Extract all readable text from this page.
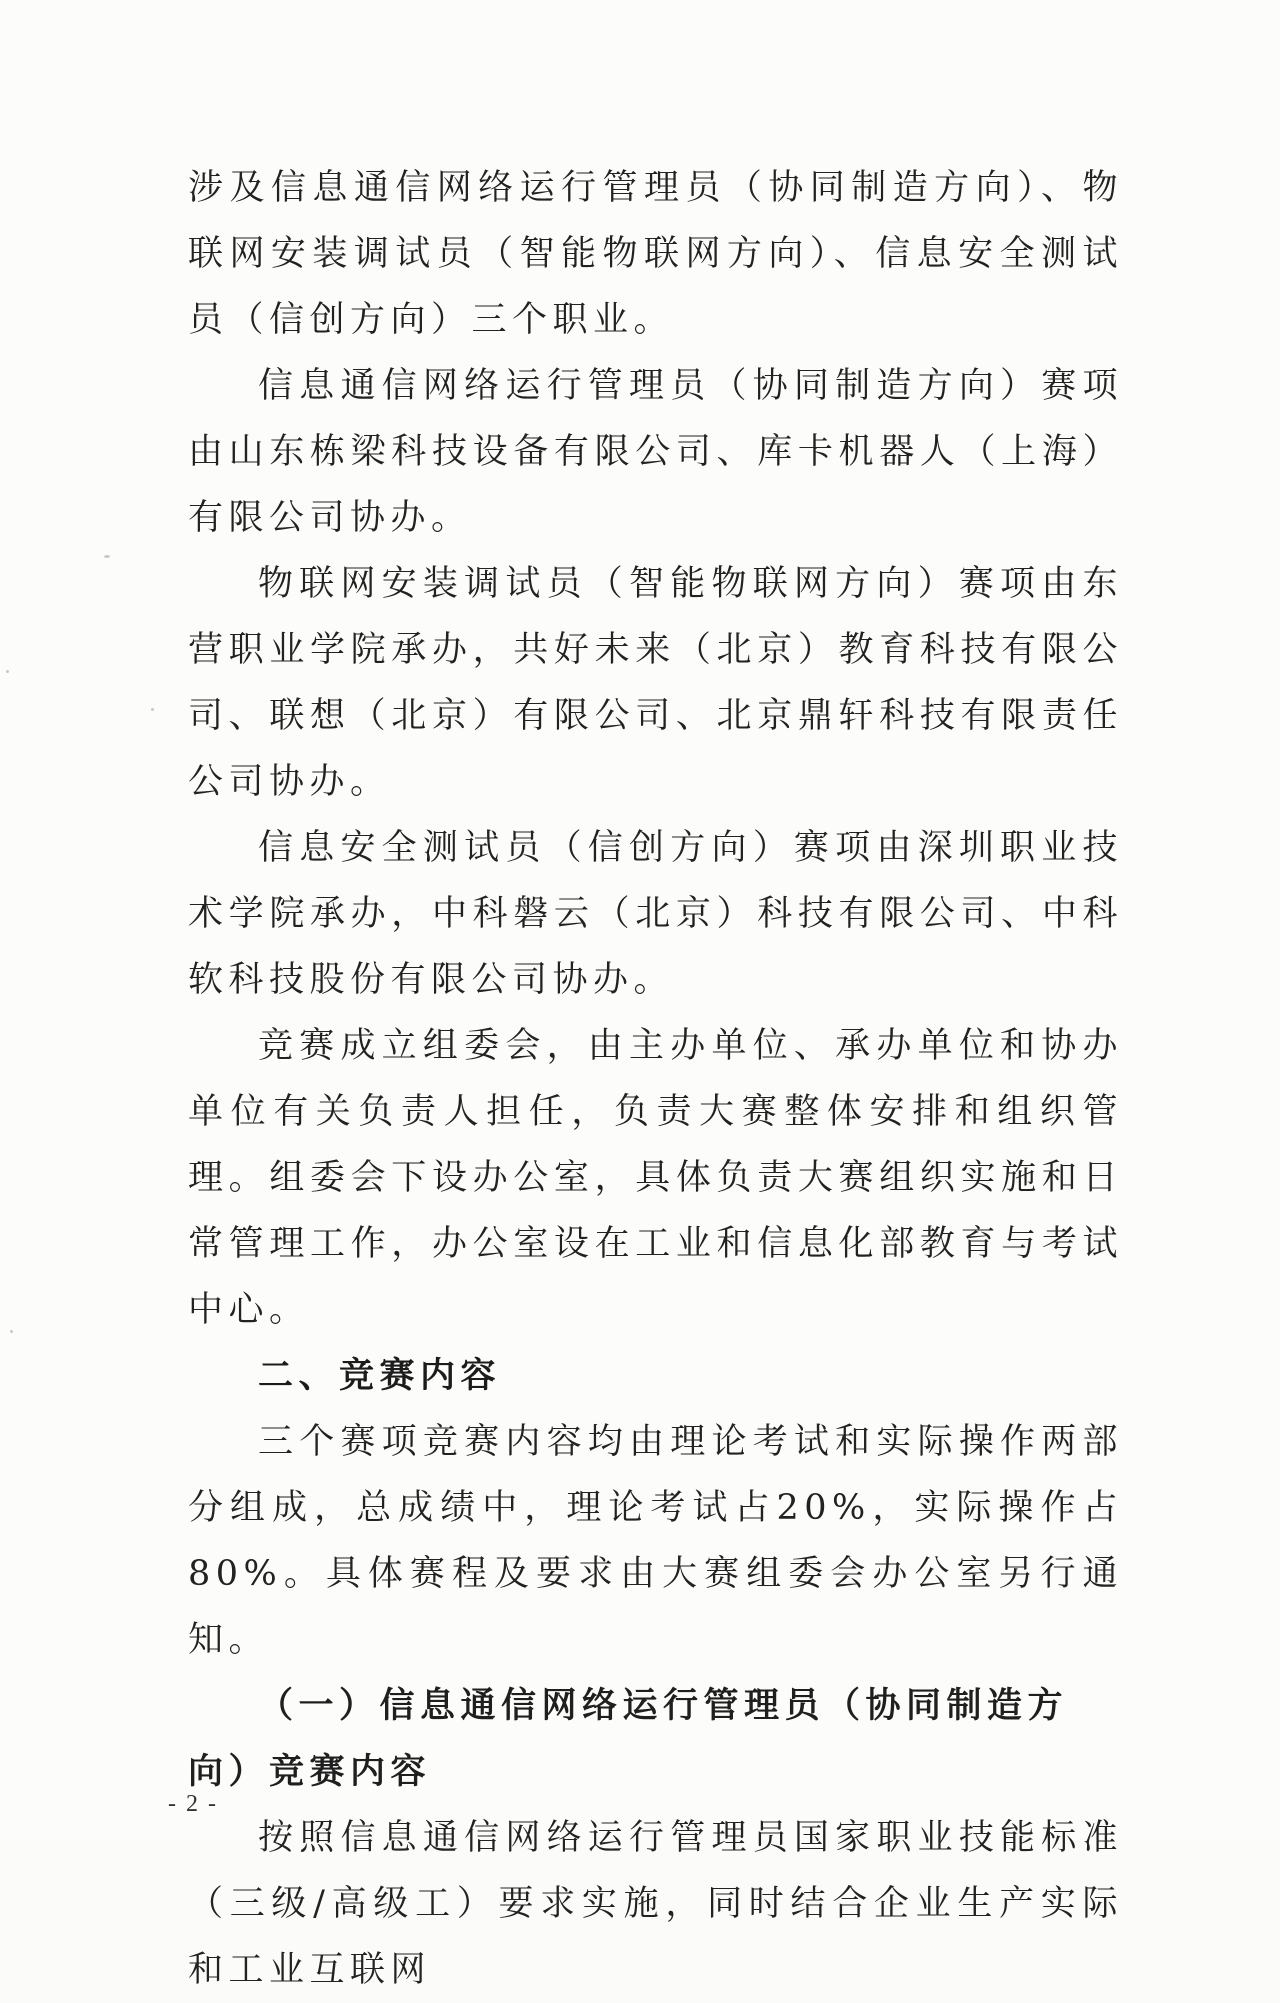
涉及信息通信网络运行管理员（协同制造方向）、物联网安装调试员（智能物联网方向）、信息安全测试员（信创方向）三个职业。

信息通信网络运行管理员（协同制造方向）赛项由山东栋梁科技设备有限公司、库卡机器人（上海）有限公司协办。

物联网安装调试员（智能物联网方向）赛项由东营职业学院承办，共好未来（北京）教育科技有限公司、联想（北京）有限公司、北京鼎轩科技有限责任公司协办。

信息安全测试员（信创方向）赛项由深圳职业技术学院承办，中科磐云（北京）科技有限公司、中科软科技股份有限公司协办。

竞赛成立组委会，由主办单位、承办单位和协办单位有关负责人担任，负责大赛整体安排和组织管理。组委会下设办公室，具体负责大赛组织实施和日常管理工作，办公室设在工业和信息化部教育与考试中心。

二、竞赛内容

三个赛项竞赛内容均由理论考试和实际操作两部分组成，总成绩中，理论考试占20%，实际操作占80%。具体赛程及要求由大赛组委会办公室另行通知。

（一）信息通信网络运行管理员（协同制造方向）竞赛内容

按照信息通信网络运行管理员国家职业技能标准（三级/高级工）要求实施，同时结合企业生产实际和工业互联网

- 2 -
